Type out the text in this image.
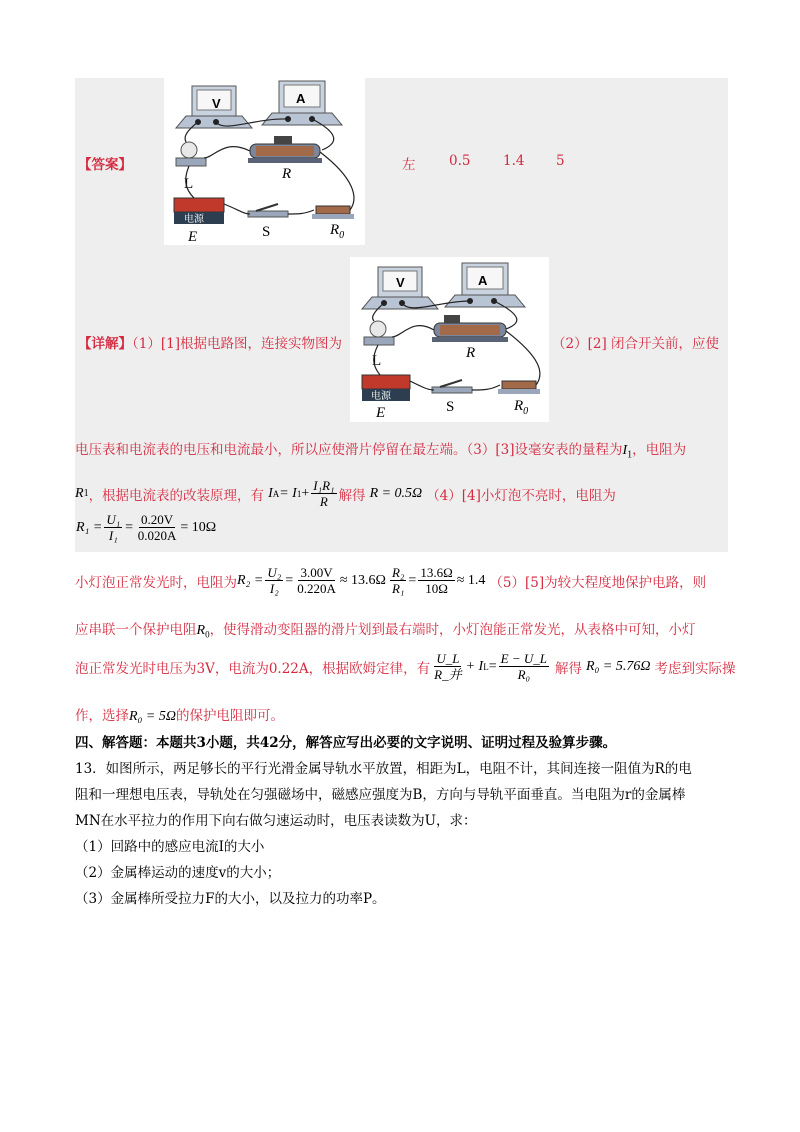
【答案】
V	A
L
R
电源
E	S	$R_0$
左 0.5 1.4 5
【详解】（1）[1]根据电路图，连接实物图为
V	A
L	R
电源
E	S	$R_0$
（2）[2] 闭合开关前，应使
电压表和电流表的电压和电流最小，所以应使滑片停留在最左端。（3）[3]设毫安表的量程为$I_1$，电阻为
R 1 ，根据电流表的改装原理，有 I A = I $1 + \frac{\text{I₁R₁}}{R}$ 解得 R = 0.5Ω （4）[4]小灯泡不亮时，电阻为
$R_1 = \frac{\text{U₁}}{\text{I₁}} = \frac{0.20V}{0.020A} = 10\Omega$
小灯泡正常发光时，电阻为 $R_2 = \frac{\text{U₂}}{\text{I₂}} = \frac{3.00V}{0.220A} \approx 13.6\Omega \frac{\text{R₂}}{\text{R₁}} = \frac{13.6\Omega}{10\Omega} \approx 1.4$ （5）[5]为较大程度地保护电路，则
应串联一个保护电阻$R_0$，使得滑动变阻器的滑片划到最右端时，小灯泡能正常发光，从表格中可知，小灯
泡正常发光时电压为3V，电流为0.22A，根据欧姆定律，有 $\frac{U\_L}{\text{R\_并}} + I$ $L = \frac{E - U\_L}{\text{R₀}}$ 解得 R₀ = 5.76Ω 考虑到实际操
作，选择R₀ = 5Ω的保护电阻即可。
四、解答题：本题共3小题，共42分，解答应写出必要的文字说明、证明过程及验算步骤。
13．如图所示，两足够长的平行光滑金属导轨水平放置，相距为L，电阻不计，其间连接一阻值为R的电
阻和一理想电压表，导轨处在匀强磁场中，磁感应强度为B，方向与导轨平面垂直。当电阻为r的金属棒
MN在水平拉力的作用下向右做匀速运动时，电压表读数为U，求：
（1）回路中的感应电流I的大小
（2）金属棒运动的速度v的大小；
（3）金属棒所受拉力F的大小，以及拉力的功率P。
